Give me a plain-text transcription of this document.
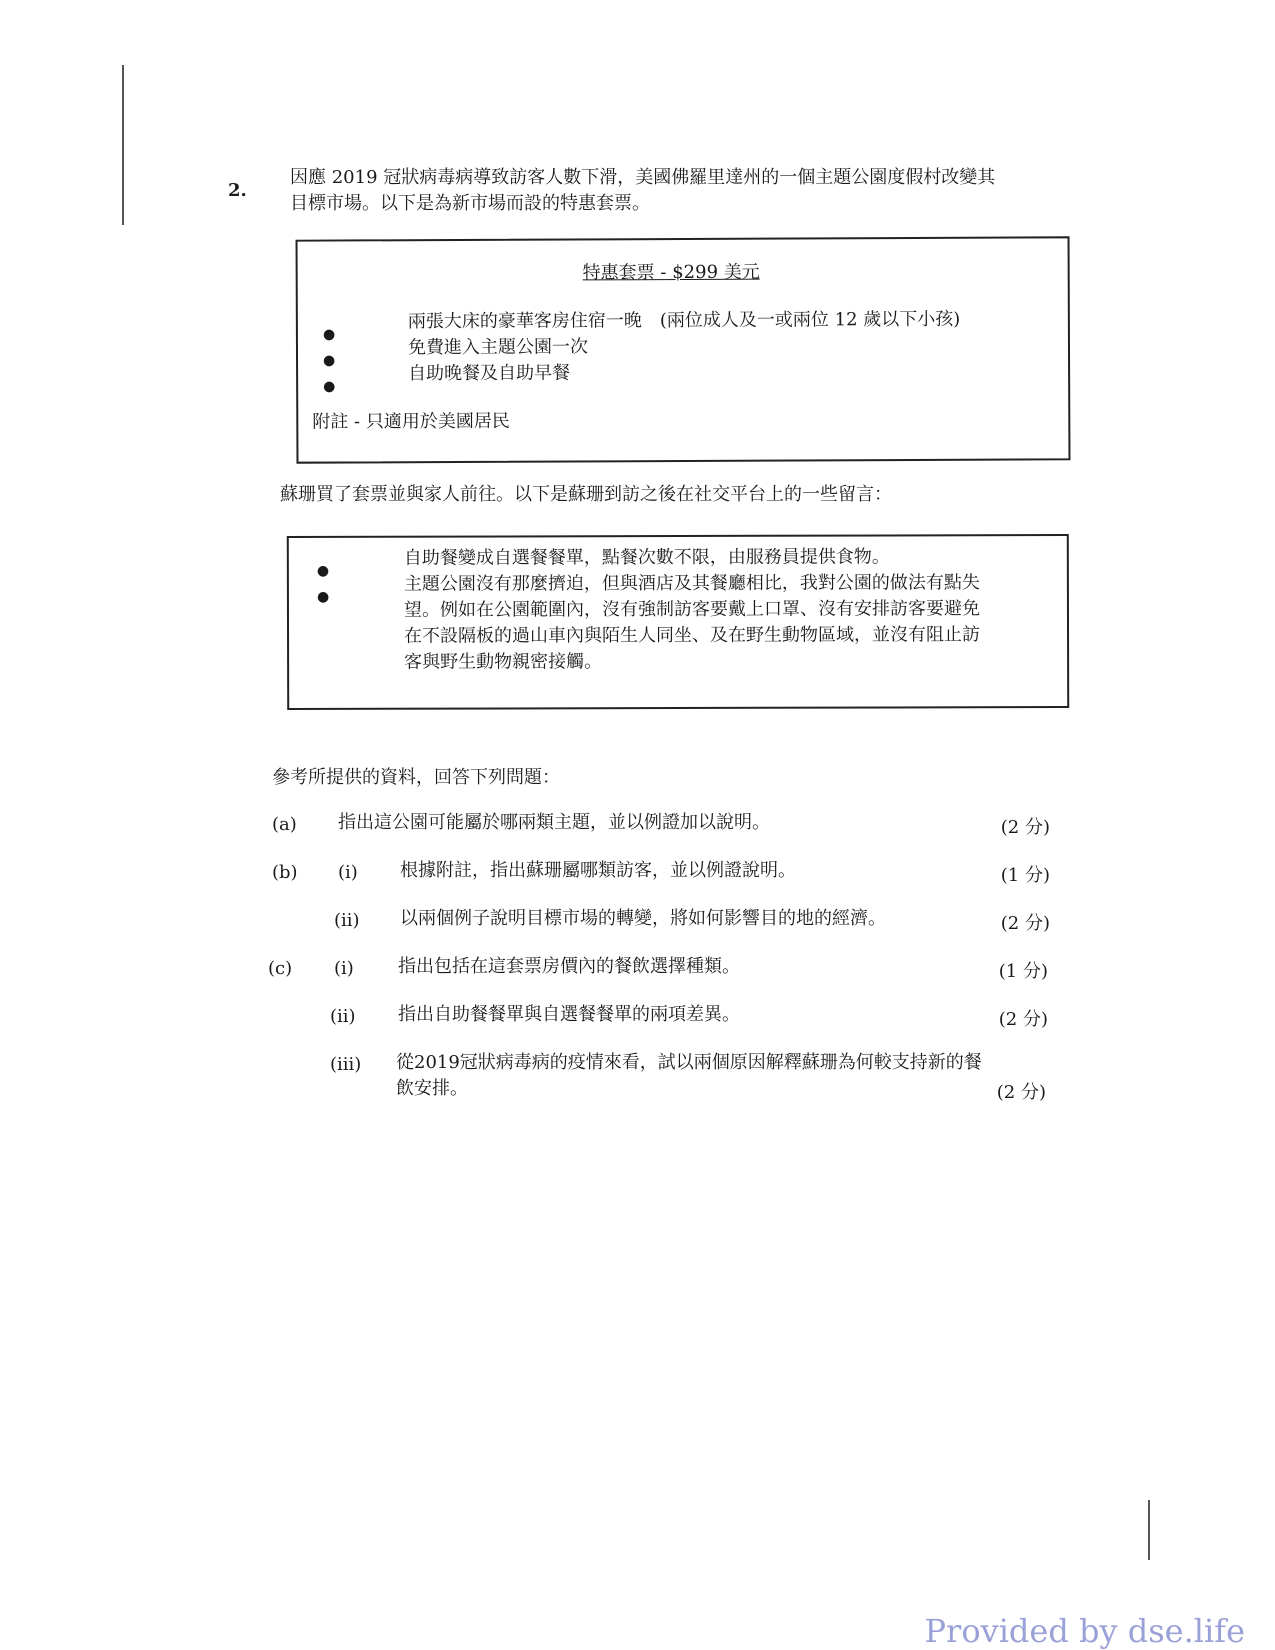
2.
因應 2019 冠狀病毒病導致訪客人數下滑，美國佛羅里達州的一個主題公園度假村改變其
目標市場。以下是為新市場而設的特惠套票。
特惠套票 - $299 美元
●
兩張大床的豪華客房住宿一晚　(兩位成人及一或兩位 12 歲以下小孩)
●
免費進入主題公園一次
●
自助晚餐及自助早餐
附註 - 只適用於美國居民
蘇珊買了套票並與家人前往。以下是蘇珊到訪之後在社交平台上的一些留言：
●
自助餐變成自選餐餐單，點餐次數不限，由服務員提供食物。
●
主題公園沒有那麼擠迫，但與酒店及其餐廳相比，我對公園的做法有點失
望。例如在公園範圍內，沒有強制訪客要戴上口罩、沒有安排訪客要避免
在不設隔板的過山車內與陌生人同坐、及在野生動物區域，並沒有阻止訪
客與野生動物親密接觸。
參考所提供的資料，回答下列問題：
(a) 指出這公園可能屬於哪兩類主題，並以例證加以說明。	(2 分)
(b) (i) 根據附註，指出蘇珊屬哪類訪客，並以例證說明。	(1 分)
(ii) 以兩個例子說明目標市場的轉變，將如何影響目的地的經濟。	(2 分)
(c) (i) 指出包括在這套票房價內的餐飲選擇種類。	(1 分)
(ii) 指出自助餐餐單與自選餐餐單的兩項差異。	(2 分)
(iii) 從2019冠狀病毒病的疫情來看，試以兩個原因解釋蘇珊為何較支持新的餐
飲安排。	(2 分)
Provided by dse.life
